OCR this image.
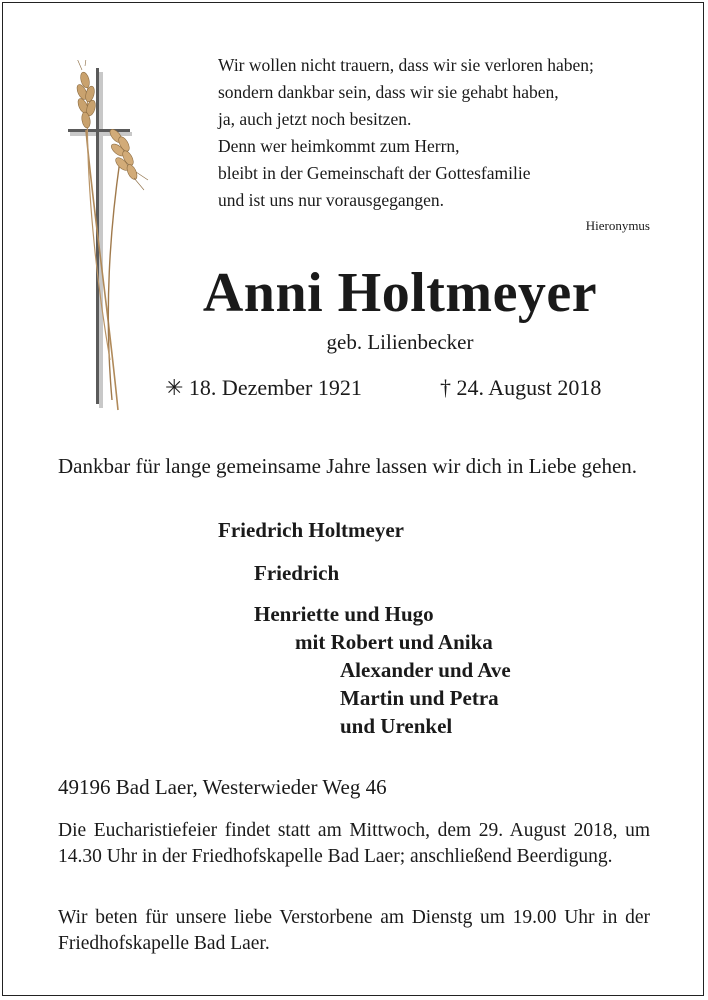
Wir wollen nicht trauern, dass wir sie verloren haben;
sondern dankbar sein, dass wir sie gehabt haben,
ja, auch jetzt noch besitzen.
Denn wer heimkommt zum Herrn,
bleibt in der Gemeinschaft der Gottesfamilie
und ist uns nur vorausgegangen.
Hieronymus
Anni Holtmeyer
geb. Lilienbecker
✳ 18. Dezember 1921	† 24. August 2018
Dankbar für lange gemeinsame Jahre lassen wir dich in Liebe gehen.
Friedrich Holtmeyer
Friedrich
Henriette und Hugo
mit Robert und Anika
Alexander und Ave
Martin und Petra
und Urenkel
49196 Bad Laer, Westerwieder Weg 46
Die Eucharistiefeier findet statt am Mittwoch, dem 29. August 2018, um 14.30 Uhr in der Friedhofskapelle Bad Laer; anschließend Beerdigung.
Wir beten für unsere liebe Verstorbene am Dienstg um 19.00 Uhr in der Friedhofskapelle Bad Laer.
